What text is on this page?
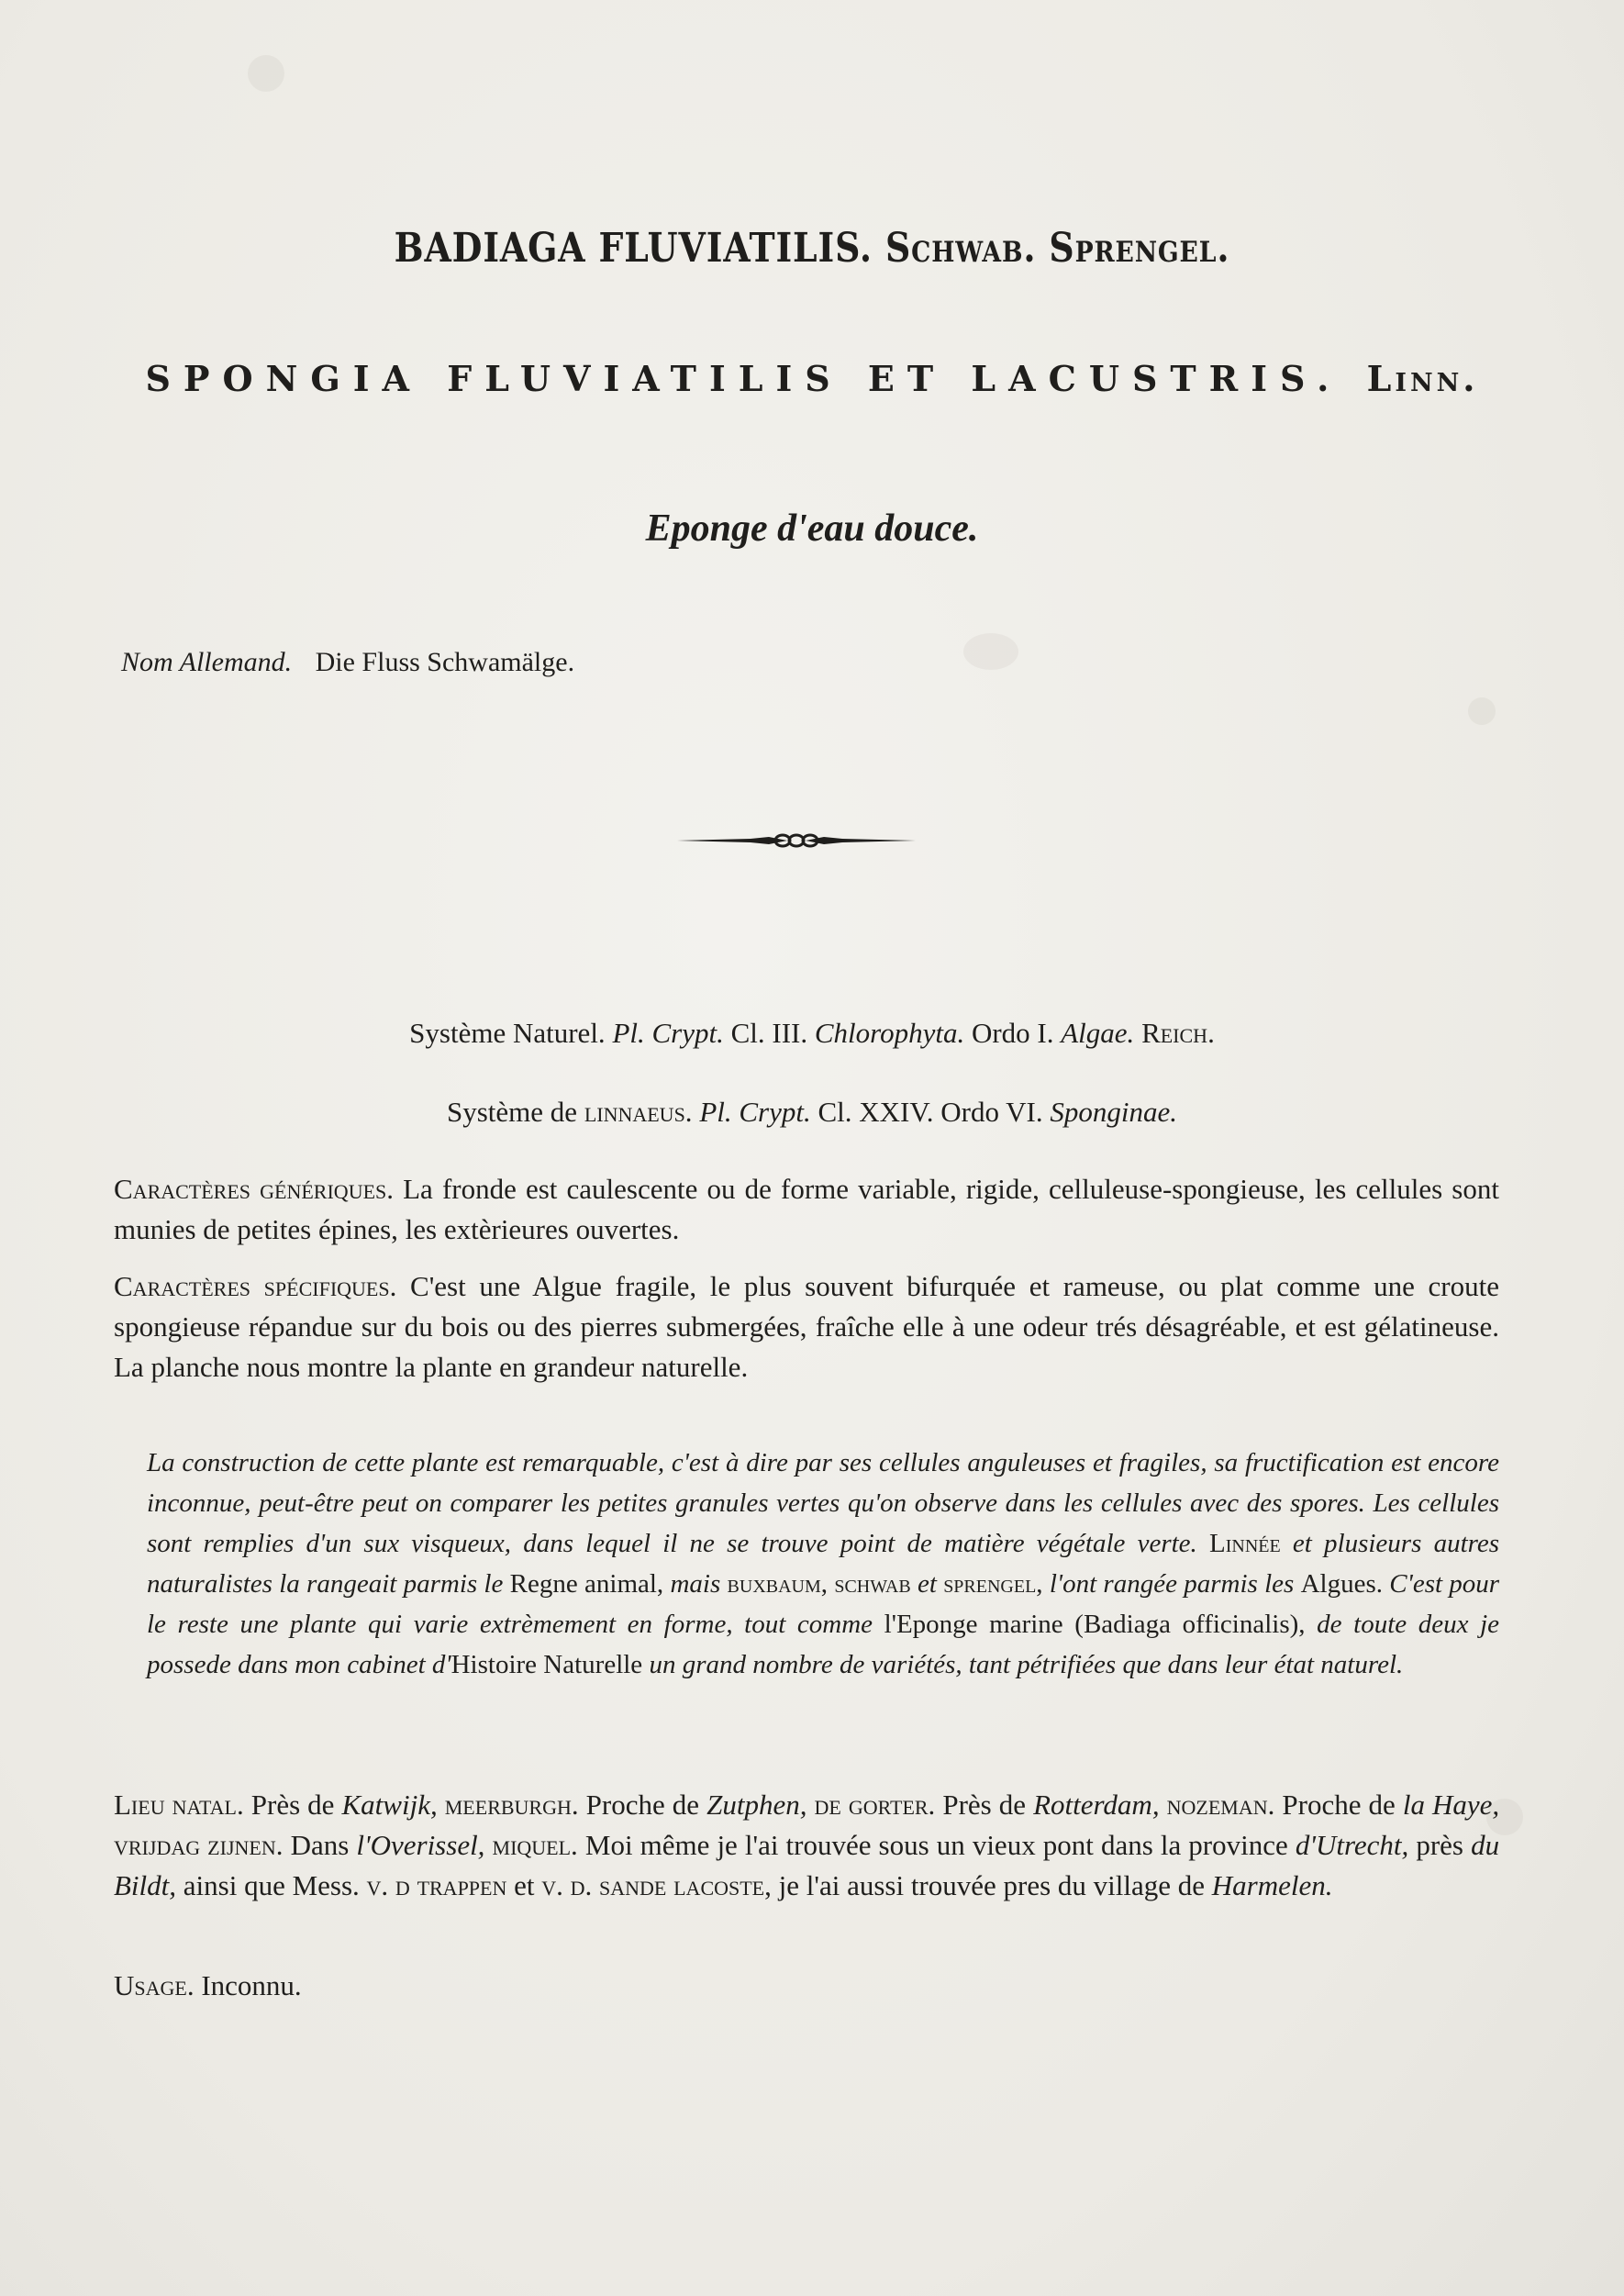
BADIAGA FLUVIATILIS. Schwab. Sprengel.
SPONGIA FLUVIATILIS ET LACUSTRIS. Linn.
Eponge d'eau douce.
Nom Allemand. Die Fluss Schwamälge.
Système Naturel. Pl. Crypt. Cl. III. Chlorophyta. Ordo I. Algae. Reich.
Système de linnaeus. Pl. Crypt. Cl. XXIV. Ordo VI. Sponginae.
Caractères génériques. La fronde est caulescente ou de forme variable, rigide, celluleuse-spongieuse, les cellules sont munies de petites épines, les extèrieures ouvertes.
Caractères spécifiques. C'est une Algue fragile, le plus souvent bifurquée et rameuse, ou plat comme une croute spongieuse répandue sur du bois ou des pierres submergées, fraîche elle à une odeur trés désagréable, et est gélatineuse. La planche nous montre la plante en grandeur naturelle.
La construction de cette plante est remarquable, c'est à dire par ses cellules anguleuses et fragiles, sa fructification est encore inconnue, peut-être peut on comparer les petites granules vertes qu'on observe dans les cellules avec des spores. Les cellules sont remplies d'un sux visqueux, dans lequel il ne se trouve point de matière végétale verte. Linnée et plusieurs autres naturalistes la rangeait parmis le Regne animal, mais buxbaum, schwab et sprengel, l'ont rangée parmis les Algues. C'est pour le reste une plante qui varie extrèmement en forme, tout comme l'Eponge marine (Badiaga officinalis), de toute deux je possede dans mon cabinet d'Histoire Naturelle un grand nombre de variétés, tant pétrifiées que dans leur état naturel.
Lieu natal. Près de Katwijk, meerburgh. Proche de Zutphen, de gorter. Près de Rotterdam, nozeman. Proche de la Haye, vrijdag zijnen. Dans l'Overissel, miquel. Moi même je l'ai trouvée sous un vieux pont dans la province d'Utrecht, près du Bildt, ainsi que Mess. v. d trappen et v. d. sande lacoste, je l'ai aussi trouvée pres du village de Harmelen.
Usage. Inconnu.
